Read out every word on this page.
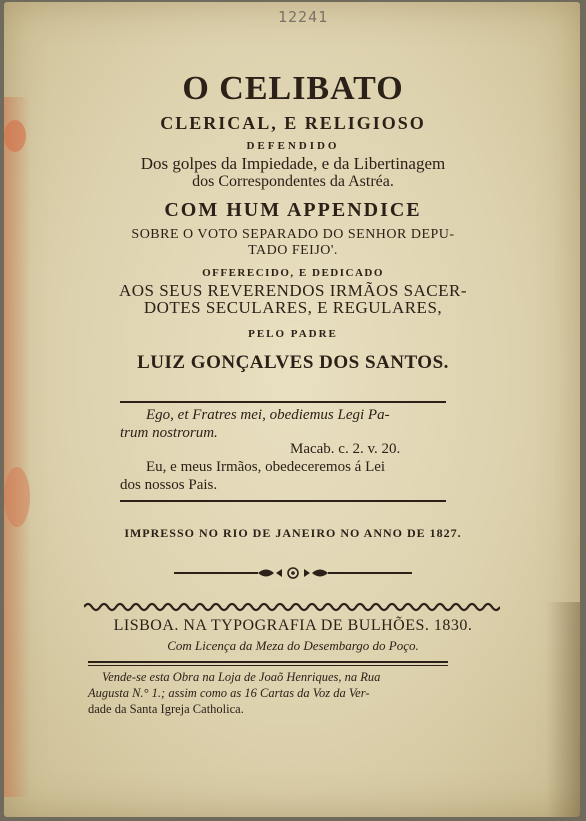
12241
O CELIBATO
CLERICAL, E RELIGIOSO
DEFENDIDO
Dos golpes da Impiedade, e da Libertinagem
dos Correspondentes da Astréa.
COM HUM APPENDICE
SOBRE O VOTO SEPARADO DO SENHOR DEPU-
TADO FEIJO'.
OFFERECIDO, E DEDICADO
AOS SEUS REVERENDOS IRMÃOS SACER-
DOTES SECULARES, E REGULARES,
PELO PADRE
LUIZ GONÇALVES DOS SANTOS.
Ego, et Fratres mei, obediemus Legi Pa-
trum nostrorum.
Macab. c. 2. v. 20.
Eu, e meus Irmãos, obedeceremos á Lei
dos nossos Pais.
IMPRESSO NO RIO DE JANEIRO NO ANNO DE 1827.
LISBOA. NA TYPOGRAFIA DE BULHÕES. 1830.
Com Licença da Meza do Desembargo do Poço.
Vende-se esta Obra na Loja de Joaõ Henriques, na Rua
Augusta N.° 1.; assim como as 16 Cartas da Voz da Ver-
dade da Santa Igreja Catholica.
